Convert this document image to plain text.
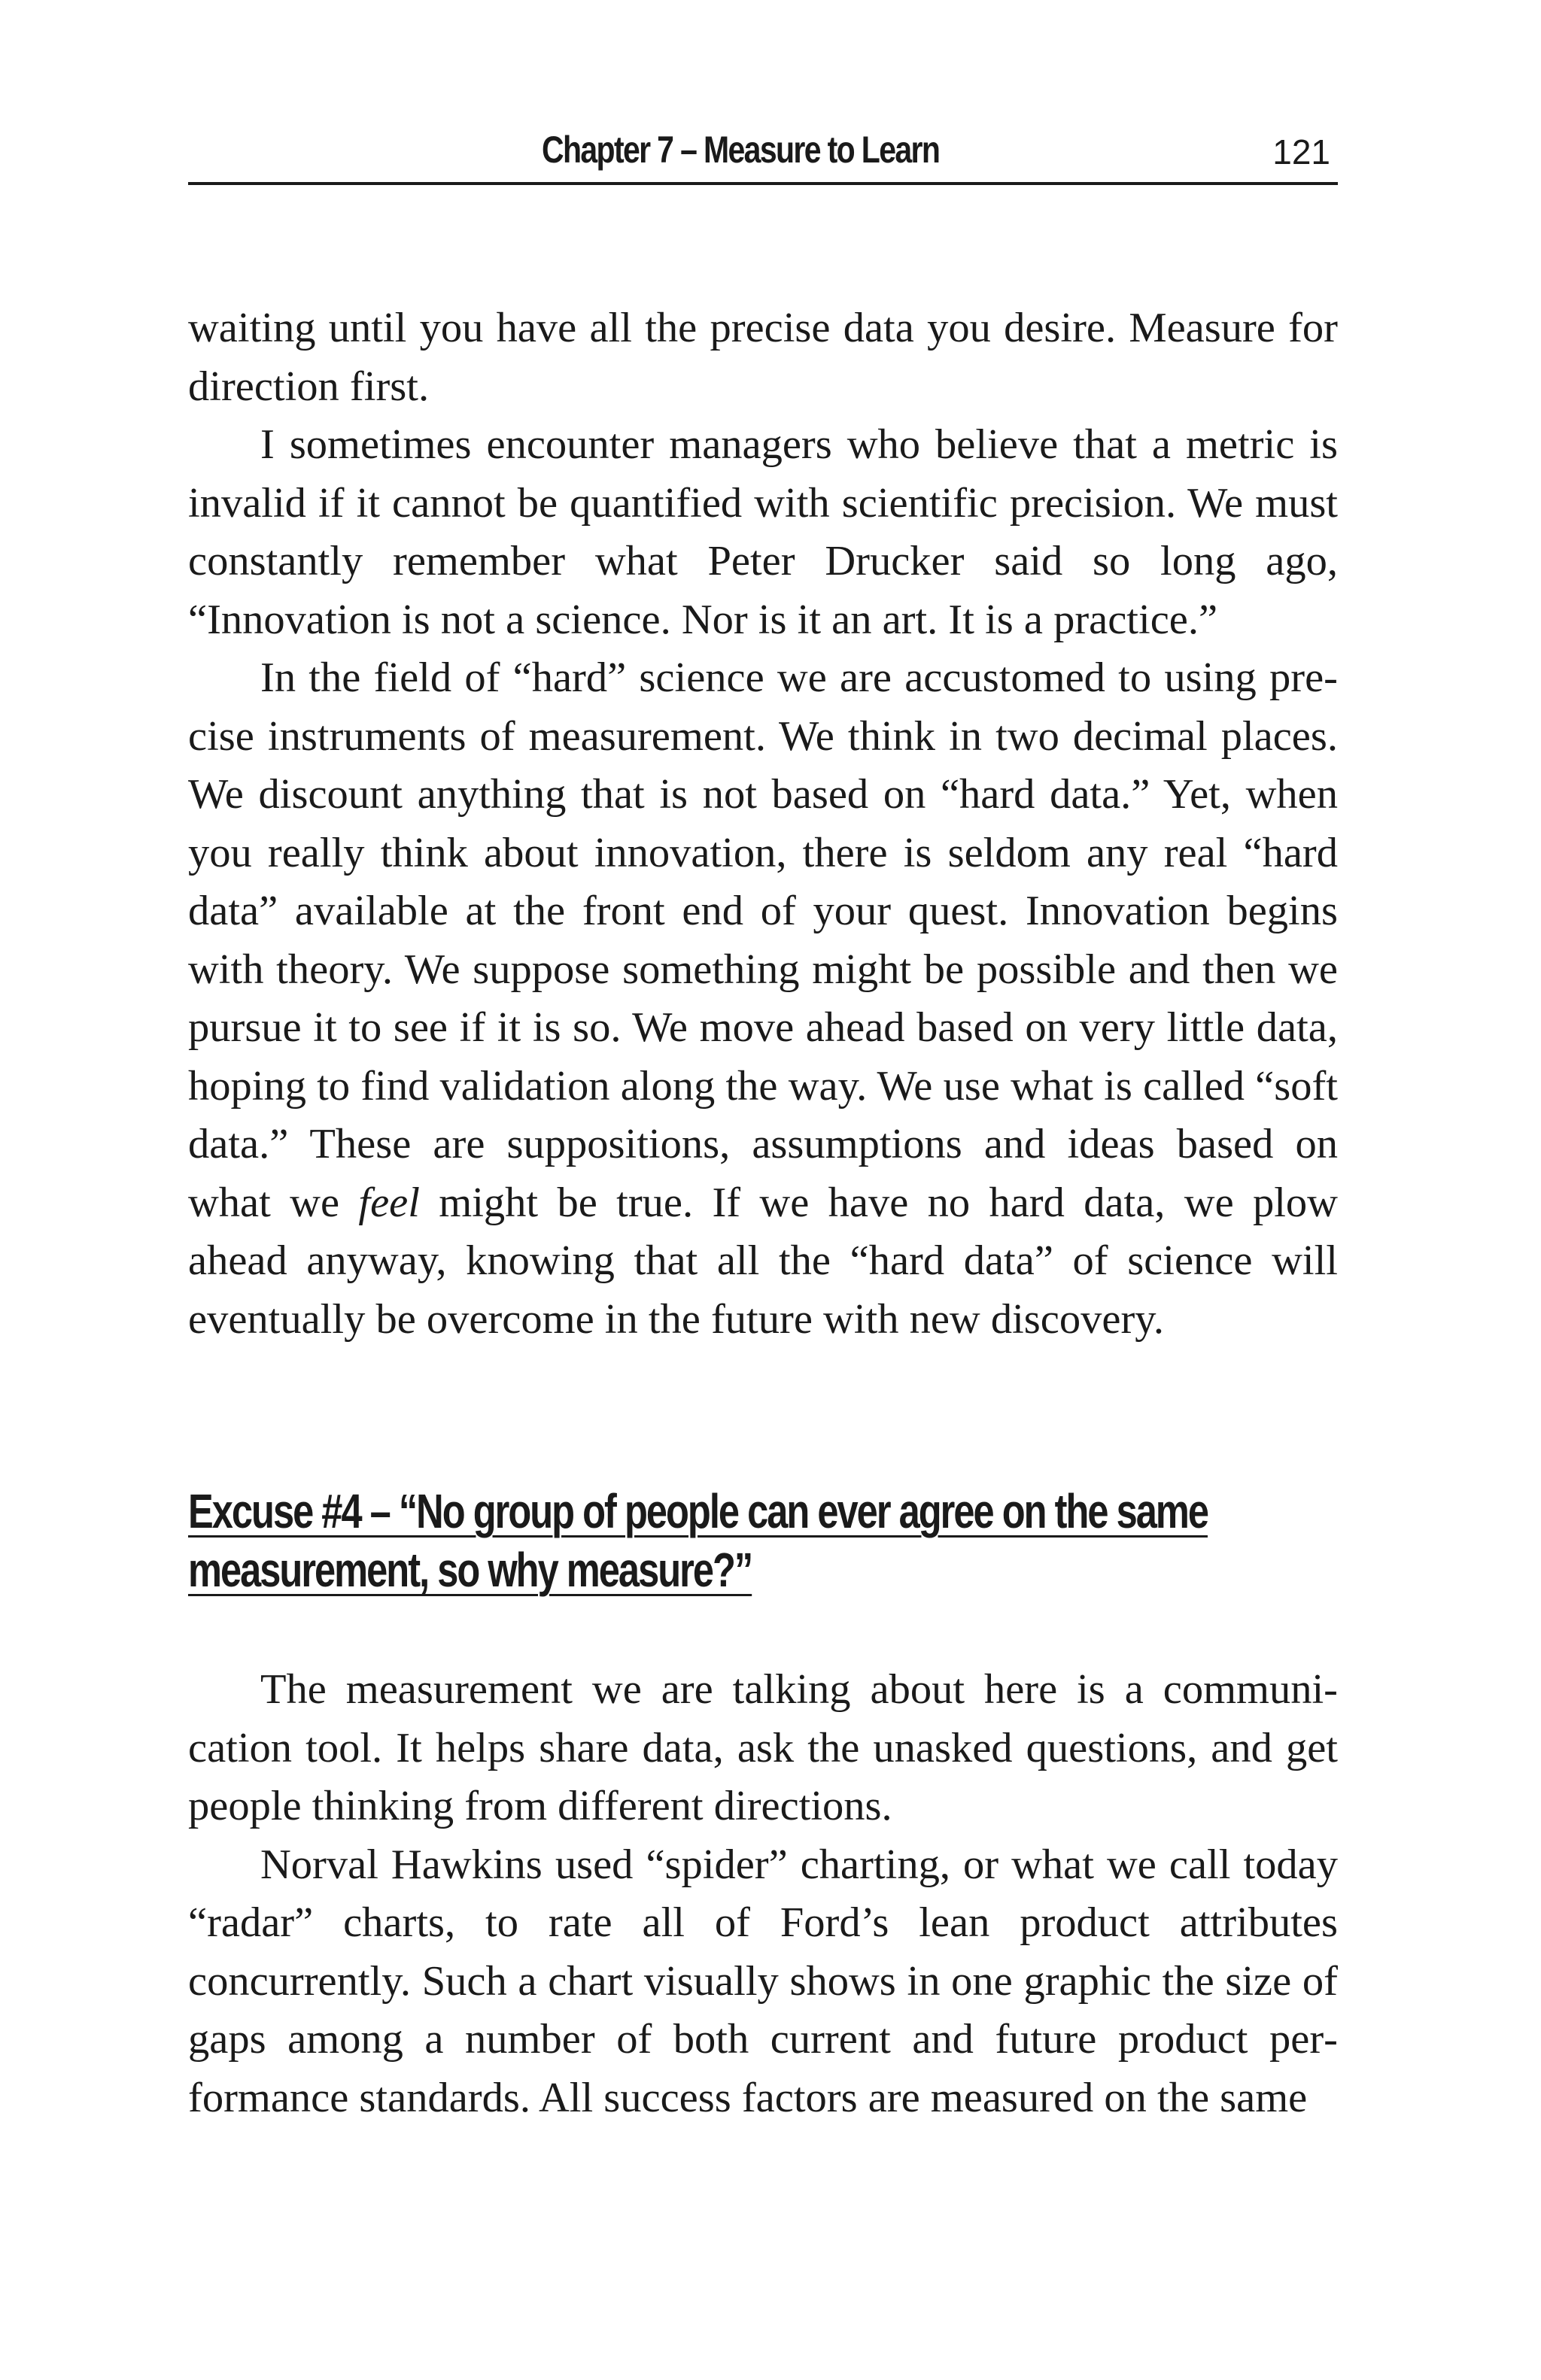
Chapter 7 – Measure to Learn	121

waiting until you have all the precise data you desire. Measure for direction first.

I sometimes encounter managers who believe that a metric is invalid if it cannot be quantified with scientific precision. We must constantly remember what Peter Drucker said so long ago, “Innovation is not a science. Nor is it an art. It is a practice.”

In the field of “hard” science we are accustomed to using precise instruments of measurement. We think in two decimal places. We discount anything that is not based on “hard data.” Yet, when you really think about innovation, there is seldom any real “hard data” available at the front end of your quest. Innovation begins with theory. We suppose something might be possible and then we pursue it to see if it is so. We move ahead based on very little data, hoping to find validation along the way. We use what is called “soft data.” These are suppositions, assumptions and ideas based on what we feel might be true. If we have no hard data, we plow ahead anyway, knowing that all the “hard data” of science will eventually be overcome in the future with new discovery.

Excuse #4 – “No group of people can ever agree on the same
measurement, so why measure?”

The measurement we are talking about here is a communication tool. It helps share data, ask the unasked questions, and get people thinking from different directions.

Norval Hawkins used “spider” charting, or what we call today “radar” charts, to rate all of Ford’s lean product attributes concurrently. Such a chart visually shows in one graphic the size of gaps among a number of both current and future product performance standards. All success factors are measured on the same
